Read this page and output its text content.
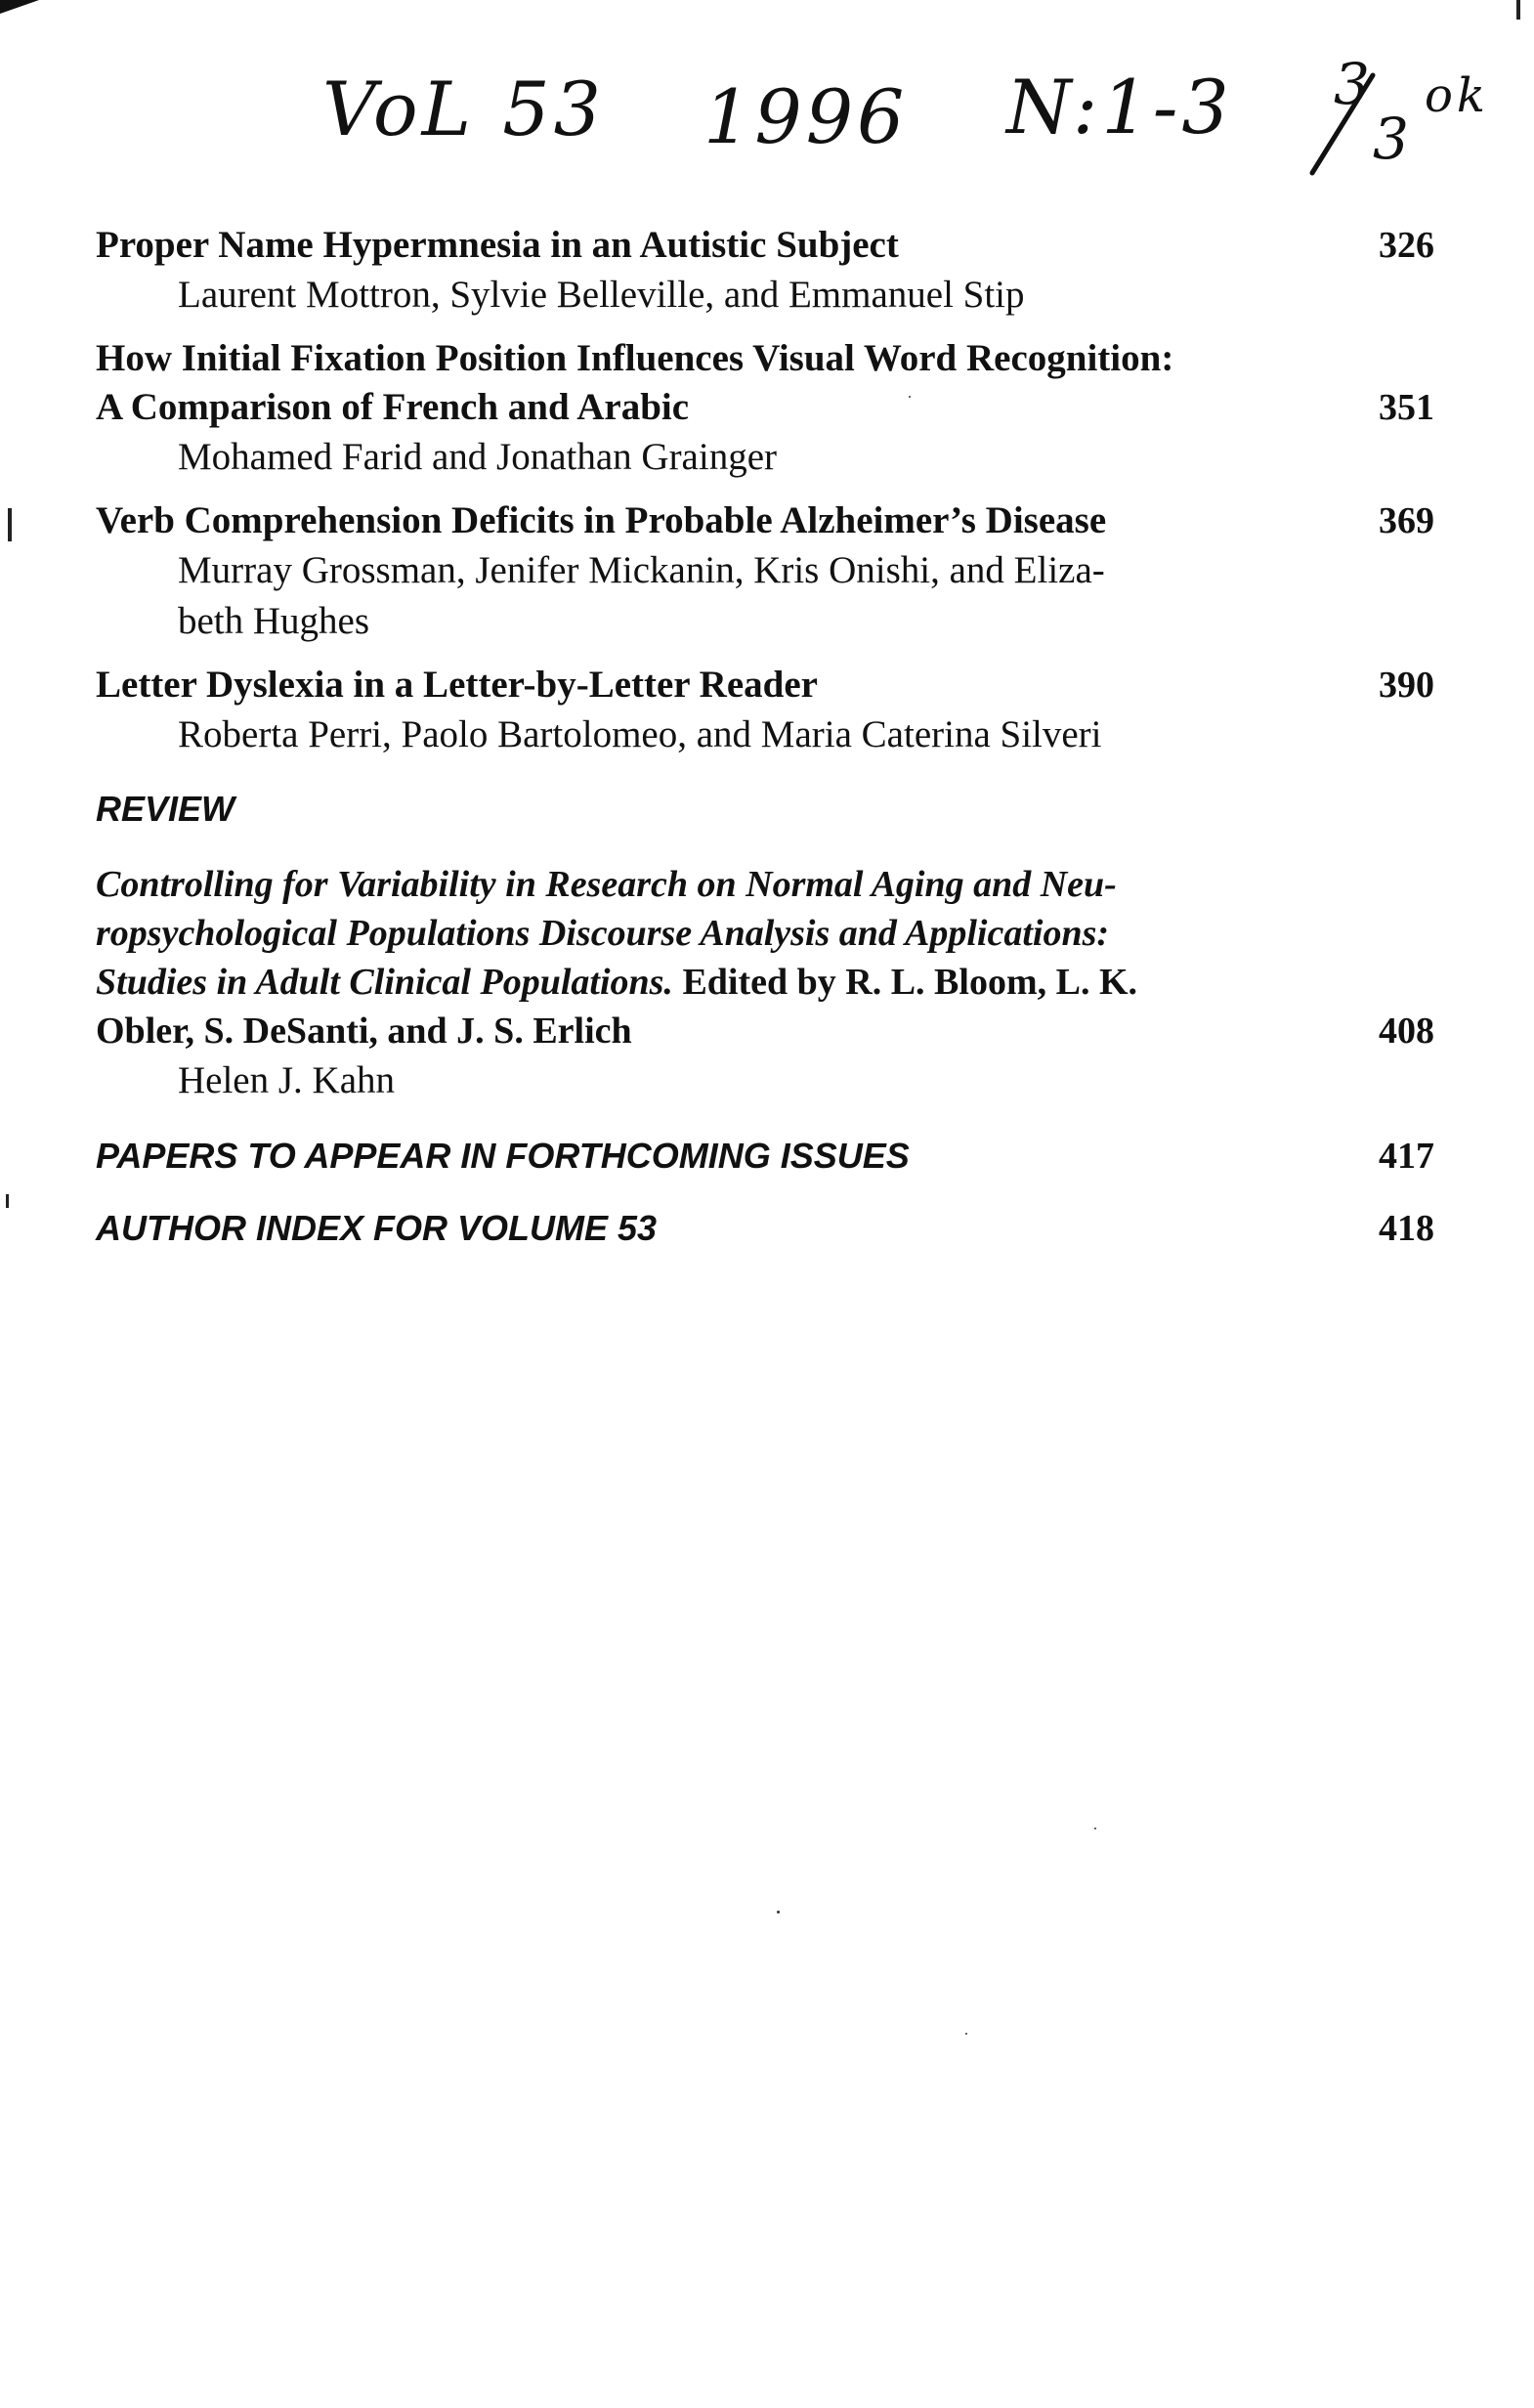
VoL 53 1996 N:1-3 3
3
ok
326
Proper Name Hypermnesia in an Autistic Subject
Laurent Mottron, Sylvie Belleville, and Emmanuel Stip
351
How Initial Fixation Position Influences Visual Word Recognition:
A Comparison of French and Arabic
Mohamed Farid and Jonathan Grainger
369
Verb Comprehension Deficits in Probable Alzheimer’s Disease
Murray Grossman, Jenifer Mickanin, Kris Onishi, and Eliza-
beth Hughes
390
Letter Dyslexia in a Letter-by-Letter Reader
Roberta Perri, Paolo Bartolomeo, and Maria Caterina Silveri
REVIEW
408
Controlling for Variability in Research on Normal Aging and Neu-
ropsychological Populations Discourse Analysis and Applications:
Studies in Adult Clinical Populations. Edited by R. L. Bloom, L. K.
Obler, S. DeSanti, and J. S. Erlich
Helen J. Kahn
PAPERS TO APPEAR IN FORTHCOMING ISSUES	417
AUTHOR INDEX FOR VOLUME 53	418
